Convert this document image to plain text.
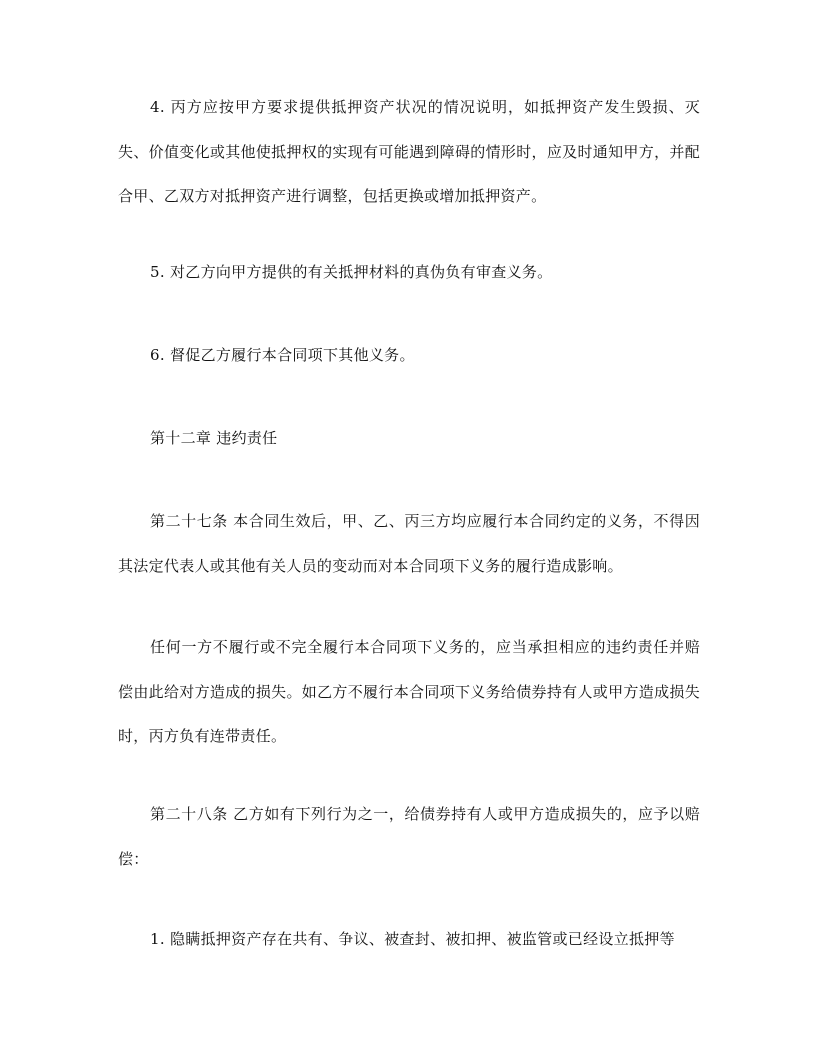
4. 丙方应按甲方要求提供抵押资产状况的情况说明，如抵押资产发生毁损、灭失、价值变化或其他使抵押权的实现有可能遇到障碍的情形时，应及时通知甲方，并配合甲、乙双方对抵押资产进行调整，包括更换或增加抵押资产。

5. 对乙方向甲方提供的有关抵押材料的真伪负有审查义务。

6. 督促乙方履行本合同项下其他义务。

第十二章 违约责任

第二十七条 本合同生效后，甲、乙、丙三方均应履行本合同约定的义务，不得因其法定代表人或其他有关人员的变动而对本合同项下义务的履行造成影响。

任何一方不履行或不完全履行本合同项下义务的，应当承担相应的违约责任并赔偿由此给对方造成的损失。如乙方不履行本合同项下义务给债券持有人或甲方造成损失时，丙方负有连带责任。

第二十八条 乙方如有下列行为之一，给债券持有人或甲方造成损失的，应予以赔偿：

1. 隐瞒抵押资产存在共有、争议、被查封、被扣押、被监管或已经设立抵押等
